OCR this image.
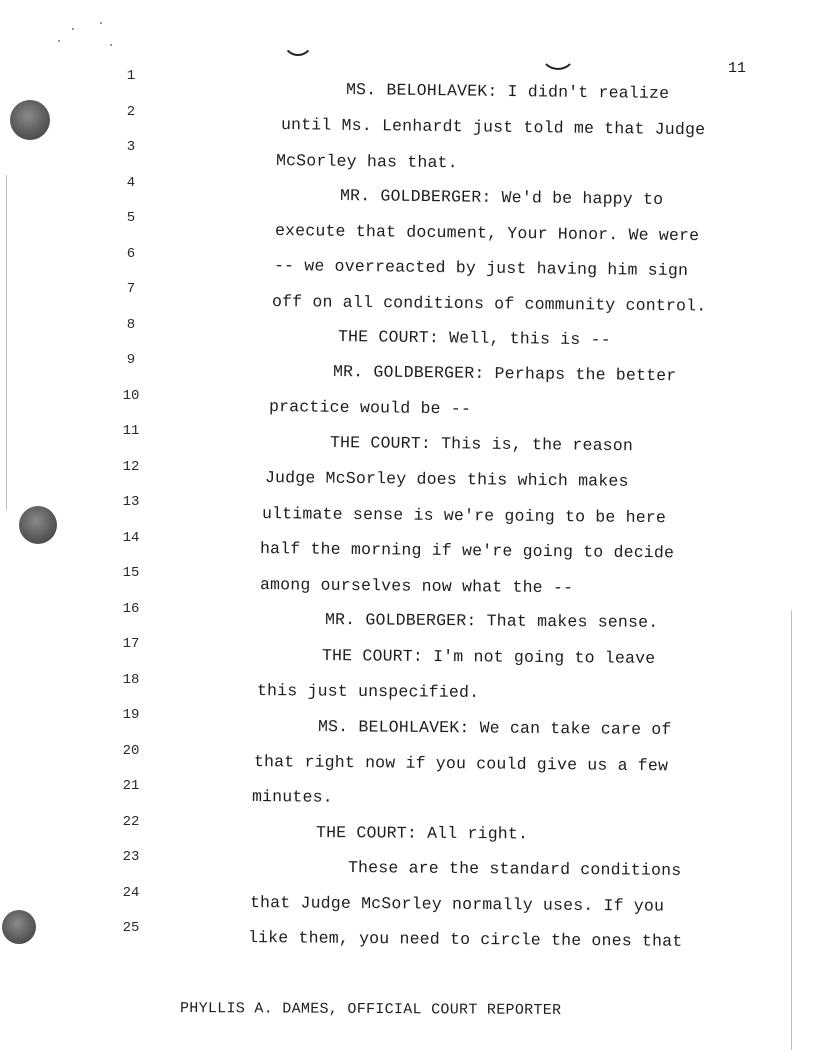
11
1
2
3
4
5
6
7
8
9
10
11
12
13
14
15
16
17
18
19
20
21
22
23
24
25
MS. BELOHLAVEK: I didn't realize
until Ms. Lenhardt just told me that Judge
McSorley has that.
MR. GOLDBERGER: We'd be happy to
execute that document, Your Honor. We were
-- we overreacted by just having him sign
off on all conditions of community control.
THE COURT: Well, this is --
MR. GOLDBERGER: Perhaps the better
practice would be --
THE COURT: This is, the reason
Judge McSorley does this which makes
ultimate sense is we're going to be here
half the morning if we're going to decide
among ourselves now what the --
MR. GOLDBERGER: That makes sense.
THE COURT: I'm not going to leave
this just unspecified.
MS. BELOHLAVEK: We can take care of
that right now if you could give us a few
minutes.
THE COURT: All right.
These are the standard conditions
that Judge McSorley normally uses. If you
like them, you need to circle the ones that
PHYLLIS A. DAMES, OFFICIAL COURT REPORTER
